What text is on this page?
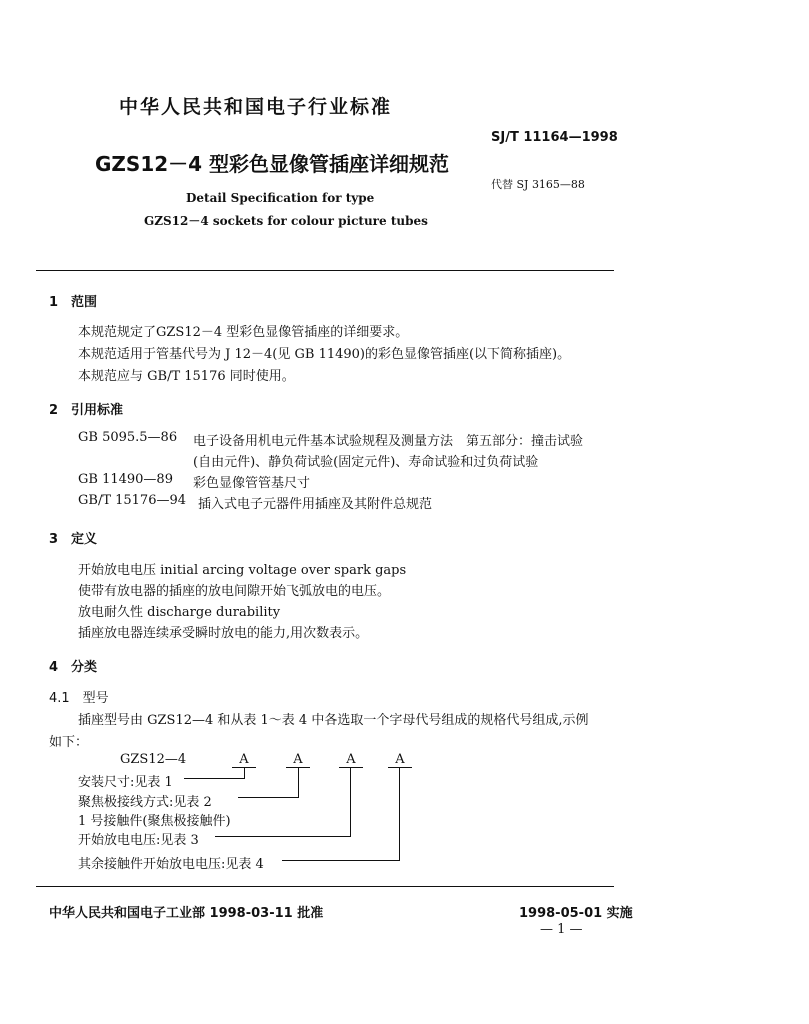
中华人民共和国电子行业标准
SJ/T 11164—1998
GZS12－4 型彩色显像管插座详细规范
代替 SJ 3165—88
Detail Specification for type
GZS12－4 sockets for colour picture tubes
1　范围
本规范规定了GZS12－4 型彩色显像管插座的详细要求。
本规范适用于管基代号为 J 12－4(见 GB 11490)的彩色显像管插座(以下简称插座)。
本规范应与 GB/T 15176 同时使用。
2　引用标准
GB 5095.5—86 电子设备用机电元件基本试验规程及测量方法　第五部分：撞击试验
(自由元件)、静负荷试验(固定元件)、寿命试验和过负荷试验
GB 11490—89 彩色显像管管基尺寸
GB/T 15176—94 插入式电子元器件用插座及其附件总规范
3　定义
开始放电电压 initial arcing voltage over spark gaps
使带有放电器的插座的放电间隙开始飞弧放电的电压。
放电耐久性 discharge durability
插座放电器连续承受瞬时放电的能力,用次数表示。
4　分类
4.1　型号
插座型号由 GZS12—4 和从表 1～表 4 中各选取一个字母代号组成的规格代号组成,示例
如下：
GZS12—4	A	A	A	A
安装尺寸:见表 1
聚焦极接线方式:见表 2
1 号接触件(聚焦极接触件)
开始放电电压:见表 3
其余接触件开始放电电压:见表 4
中华人民共和国电子工业部 1998-03-11 批准	1998-05-01 实施
— 1 —
